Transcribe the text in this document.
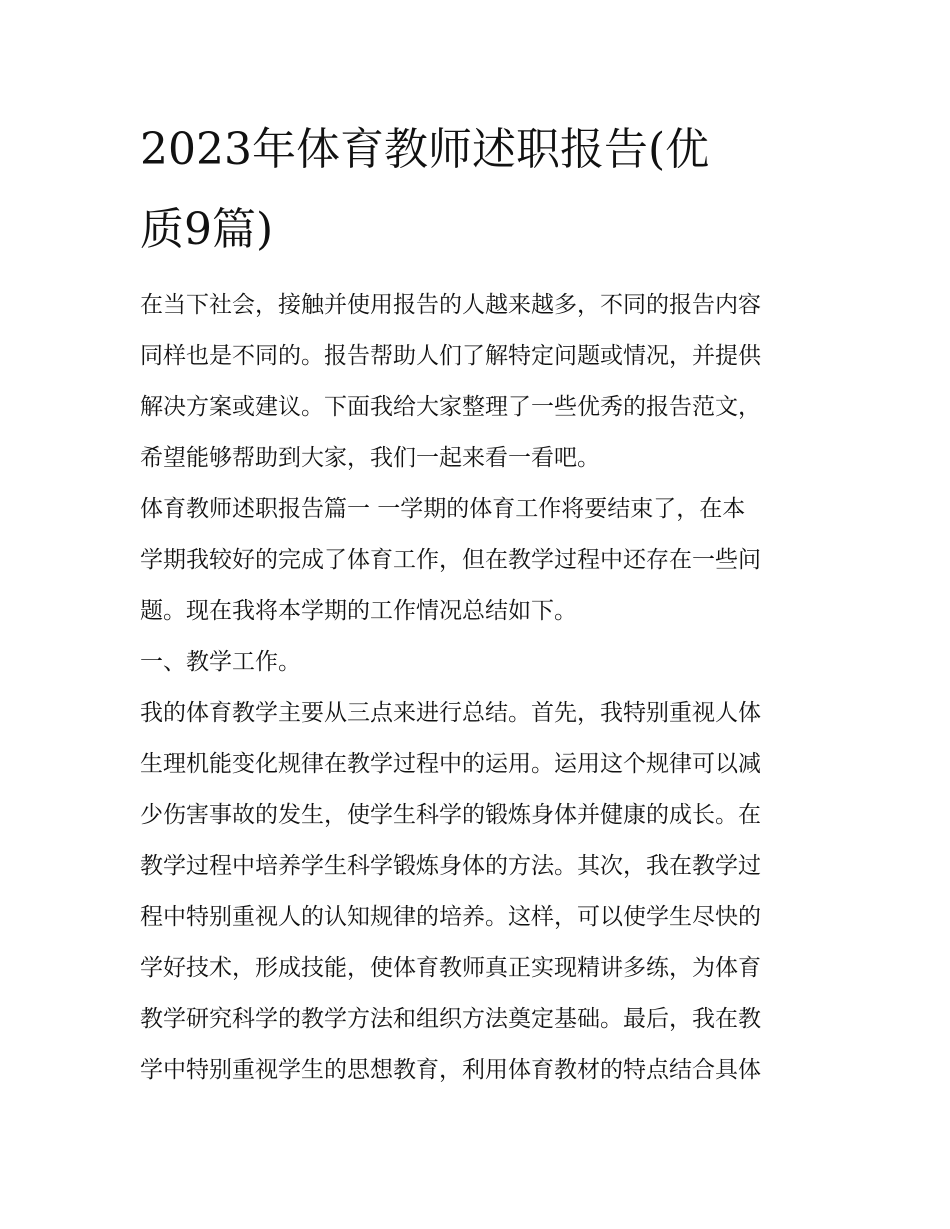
2023年体育教师述职报告(优
质9篇)

在当下社会，接触并使用报告的人越来越多，不同的报告内容
同样也是不同的。报告帮助人们了解特定问题或情况，并提供
解决方案或建议。下面我给大家整理了一些优秀的报告范文，
希望能够帮助到大家，我们一起来看一看吧。

体育教师述职报告篇一 一学期的体育工作将要结束了，在本
学期我较好的完成了体育工作，但在教学过程中还存在一些问
题。现在我将本学期的工作情况总结如下。

一、教学工作。

我的体育教学主要从三点来进行总结。首先，我特别重视人体
生理机能变化规律在教学过程中的运用。运用这个规律可以减
少伤害事故的发生，使学生科学的锻炼身体并健康的成长。在
教学过程中培养学生科学锻炼身体的方法。其次，我在教学过
程中特别重视人的认知规律的培养。这样，可以使学生尽快的
学好技术，形成技能，使体育教师真正实现精讲多练，为体育
教学研究科学的教学方法和组织方法奠定基础。最后，我在教
学中特别重视学生的思想教育，利用体育教材的特点结合具体
